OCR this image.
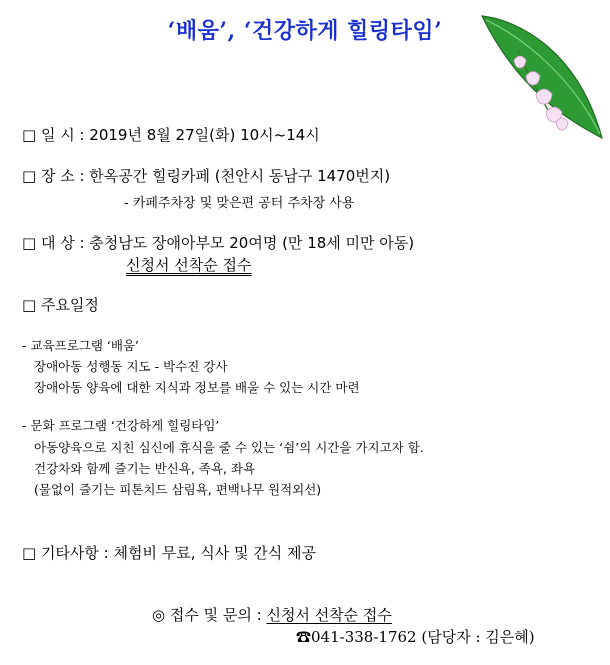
‘배움’, ‘건강하게 힐링타임’
□ 일 시 : 2019년 8월 27일(화) 10시~14시
□ 장 소 : 한옥공간 힐링카페 (천안시 동남구 1470번지)
- 카페주차장 및 맞은편 공터 주차장 사용
□ 대 상 : 충청남도 장애아부모 20여명 (만 18세 미만 아동)
신청서 선착순 접수
□ 주요일정
- 교육프로그램 ‘배움’
장애아동 성행동 지도 - 박수진 강사
장애아동 양육에 대한 지식과 정보를 배울 수 있는 시간 마련
- 문화 프로그램 ‘건강하게 힐링타임’
아동양육으로 지친 심신에 휴식을 줄 수 있는 ‘쉼’의 시간을 가지고자 함.
건강차와 함께 즐기는 반신욕, 족욕, 좌욕
(물없이 즐기는 피톤치드 삼림욕, 편백나무 원적외선)
□ 기타사항 : 체험비 무료, 식사 및 간식 제공
◎ 접수 및 문의 : 신청서 선착순 접수
☎041-338-1762 (담당자 : 김은혜)
